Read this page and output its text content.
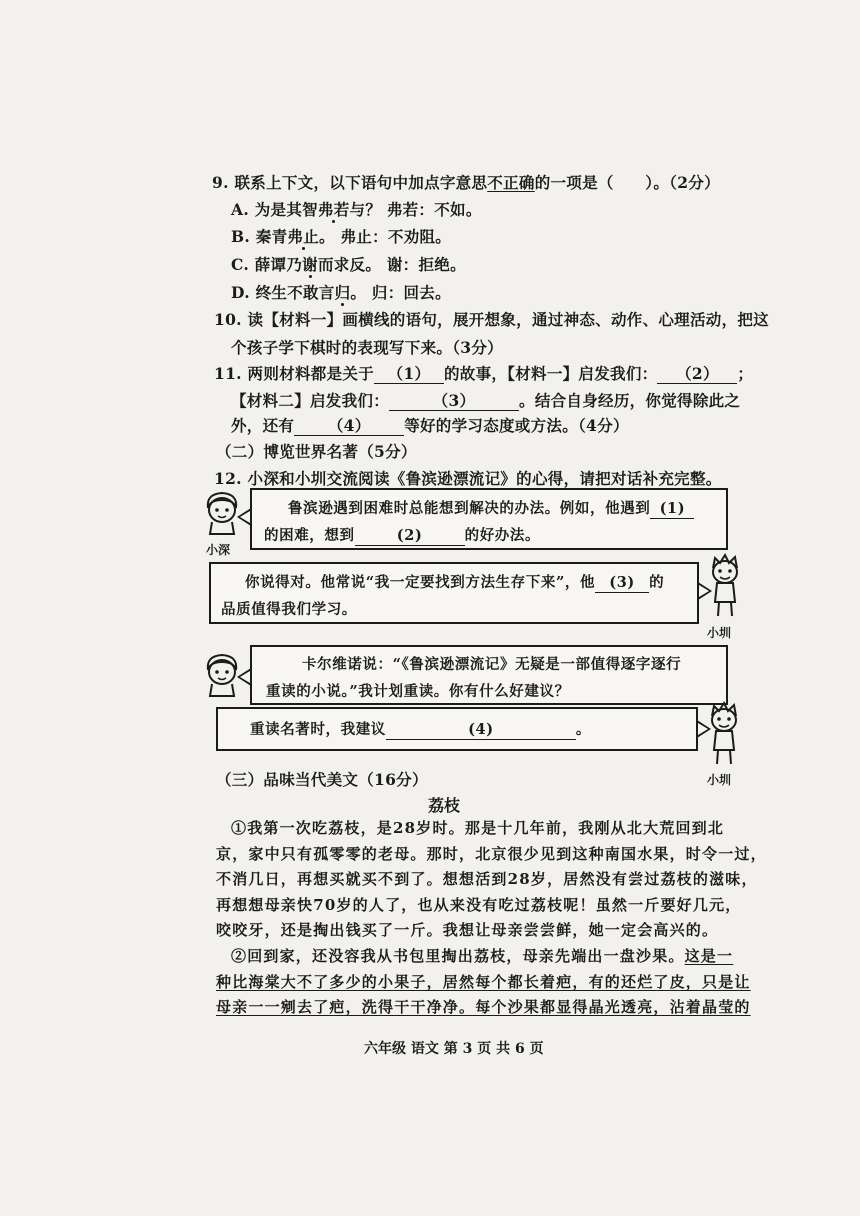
9. 联系上下文，以下语句中加点字意思不正确的一项是（　　）。（2分）
A. 为是其智弗若与？ 弗若：不如。
B. 秦青弗止。 弗止：不劝阻。
C. 薛谭乃谢而求反。 谢：拒绝。
D. 终生不敢言归。 归：回去。
10. 读【材料一】画横线的语句，展开想象，通过神态、动作、心理活动，把这
个孩子学下棋时的表现写下来。（3分）
11. 两则材料都是关于 （1） 的故事，【材料一】启发我们： （2） ；
【材料二】启发我们：	（3）	。结合自身经历，你觉得除此之
外，还有 （4） 等好的学习态度或方法。（4分）
（二）博览世界名著（5分）
12. 小深和小圳交流阅读《鲁滨逊漂流记》的心得，请把对话补充完整。
小深
鲁滨逊遇到困难时总能想到解决的办法。例如，他遇到 (1)
的困难，想到	(2)	的好办法。
你说得对。他常说“我一定要找到方法生存下来”，他 (3) 的
品质值得我们学习。
小圳
卡尔维诺说：“《鲁滨逊漂流记》无疑是一部值得逐字逐行
重读的小说。”我计划重读。你有什么好建议？
重读名著时，我建议	(4)	。
小圳
（三）品味当代美文（16分）
荔枝
①我第一次吃荔枝，是28岁时。那是十几年前，我刚从北大荒回到北
京，家中只有孤零零的老母。那时，北京很少见到这种南国水果，时令一过，
不消几日，再想买就买不到了。想想活到28岁，居然没有尝过荔枝的滋味，
再想想母亲快70岁的人了，也从来没有吃过荔枝呢！虽然一斤要好几元，
咬咬牙，还是掏出钱买了一斤。我想让母亲尝尝鲜，她一定会高兴的。
②回到家，还没容我从书包里掏出荔枝，母亲先端出一盘沙果。这是一
种比海棠大不了多少的小果子，居然每个都长着疤，有的还烂了皮，只是让
母亲一一剜去了疤，洗得干干净净。每个沙果都显得晶光透亮，沾着晶莹的
六年级 语文 第 3 页 共 6 页
